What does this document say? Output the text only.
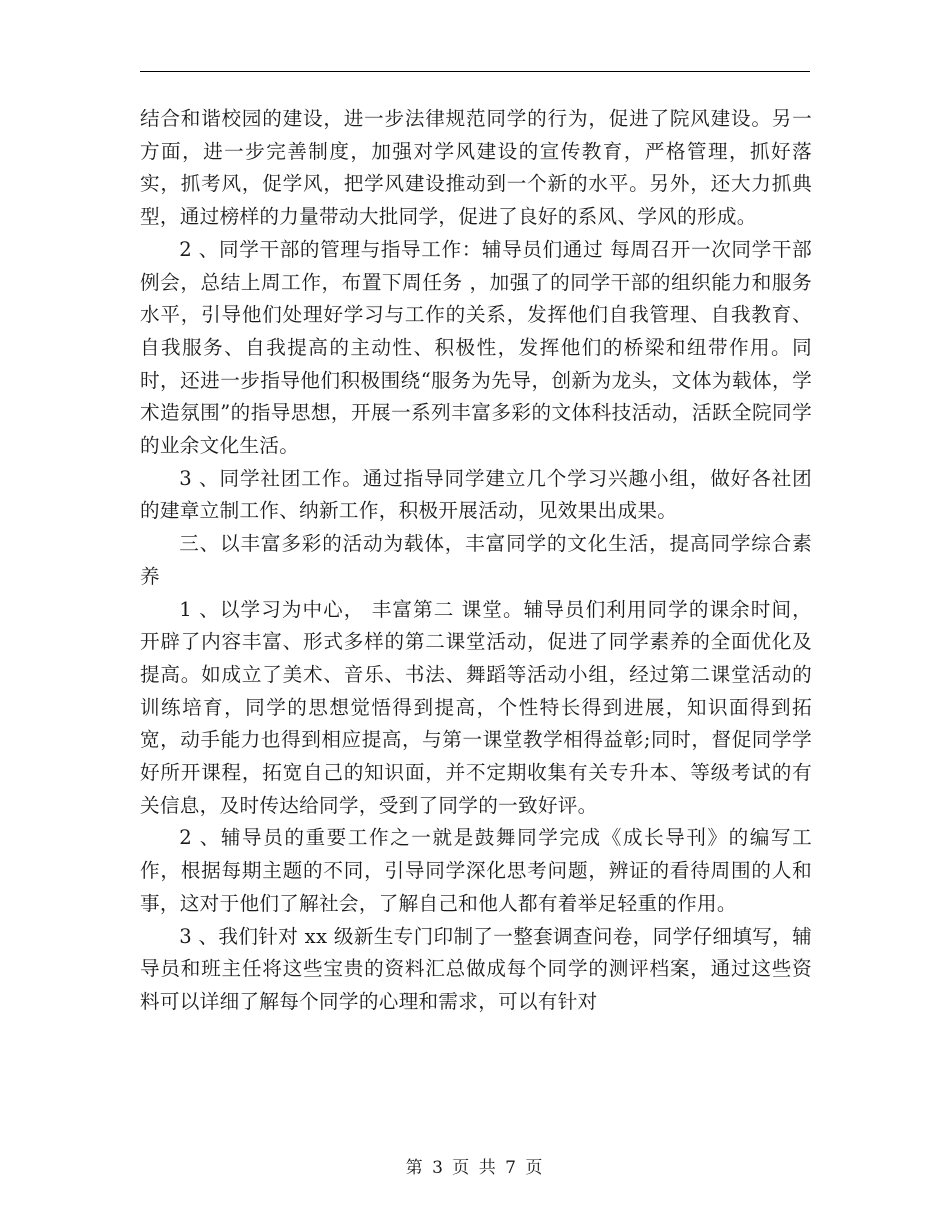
结合和谐校园的建设，进一步法律规范同学的行为，促进了院风建设。另一方面，进一步完善制度，加强对学风建设的宣传教育，严格管理，抓好落实，抓考风，促学风，把学风建设推动到一个新的水平。另外，还大力抓典型，通过榜样的力量带动大批同学，促进了良好的系风、学风的形成。

2 、同学干部的管理与指导工作：辅导员们通过 每周召开一次同学干部例会，总结上周工作，布置下周任务 ，加强了的同学干部的组织能力和服务水平，引导他们处理好学习与工作的关系，发挥他们自我管理、自我教育、自我服务、自我提高的主动性、积极性，发挥他们的桥梁和纽带作用。同时，还进一步指导他们积极围绕“服务为先导，创新为龙头，文体为载体，学术造氛围”的指导思想，开展一系列丰富多彩的文体科技活动，活跃全院同学的业余文化生活。

3 、同学社团工作。通过指导同学建立几个学习兴趣小组，做好各社团的建章立制工作、纳新工作，积极开展活动，见效果出成果。

三、以丰富多彩的活动为载体，丰富同学的文化生活，提高同学综合素养

1 、以学习为中心， 丰富第二 课堂。辅导员们利用同学的课余时间， 开辟了内容丰富、形式多样的第二课堂活动，促进了同学素养的全面优化及提高。如成立了美术、音乐、书法、舞蹈等活动小组，经过第二课堂活动的训练培育，同学的思想觉悟得到提高，个性特长得到进展，知识面得到拓宽，动手能力也得到相应提高，与第一课堂教学相得益彰;同时，督促同学学好所开课程，拓宽自己的知识面，并不定期收集有关专升本、等级考试的有关信息，及时传达给同学，受到了同学的一致好评。

2 、辅导员的重要工作之一就是鼓舞同学完成《成长导刊》的编写工作，根据每期主题的不同，引导同学深化思考问题，辨证的看待周围的人和事，这对于他们了解社会，了解自己和他人都有着举足轻重的作用。

3 、我们针对 xx 级新生专门印制了一整套调查问卷，同学仔细填写，辅导员和班主任将这些宝贵的资料汇总做成每个同学的测评档案，通过这些资料可以详细了解每个同学的心理和需求，可以有针对

第 3 页 共 7 页
